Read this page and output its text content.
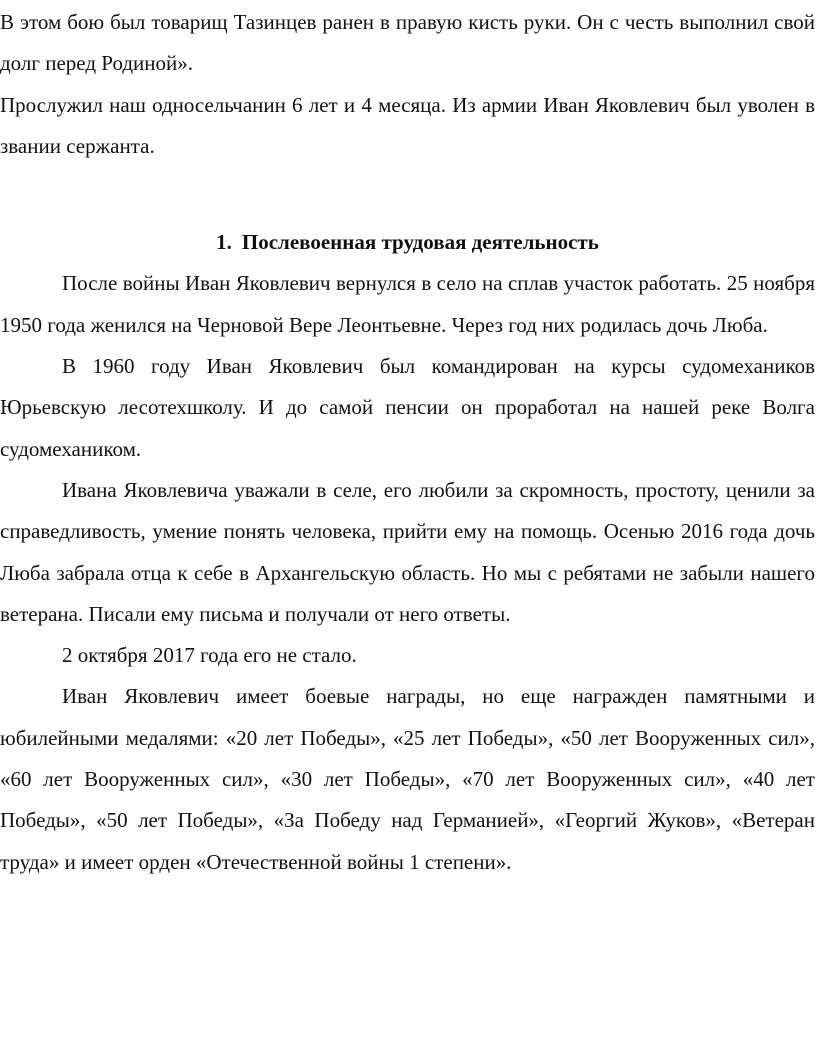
В этом бою был товарищ Тазинцев ранен в правую кисть руки. Он с честь выполнил свой долг перед Родиной».

Прослужил наш односельчанин 6 лет и 4 месяца. Из армии Иван Яковлевич был уволен в звании сержанта.

1. Послевоенная трудовая деятельность

После войны Иван Яковлевич вернулся в село на сплав участок работать. 25 ноября 1950 года женился на Черновой Вере Леонтьевне. Через год них родилась дочь Люба.

В 1960 году Иван Яковлевич был командирован на курсы судомехаников Юрьевскую лесотехшколу. И до самой пенсии он проработал на нашей реке Волга судомехаником.

Ивана Яковлевича уважали в селе, его любили за скромность, простоту, ценили за справедливость, умение понять человека, прийти ему на помощь. Осенью 2016 года дочь Люба забрала отца к себе в Архангельскую область. Но мы с ребятами не забыли нашего ветерана. Писали ему письма и получали от него ответы.

2 октября 2017 года его не стало.

Иван Яковлевич имеет боевые награды, но еще награжден памятными и юбилейными медалями: «20 лет Победы», «25 лет Победы», «50 лет Вооруженных сил», «60 лет Вооруженных сил», «30 лет Победы», «70 лет Вооруженных сил», «40 лет Победы», «50 лет Победы», «За Победу над Германией», «Георгий Жуков», «Ветеран труда» и имеет орден «Отечественной войны 1 степени».
